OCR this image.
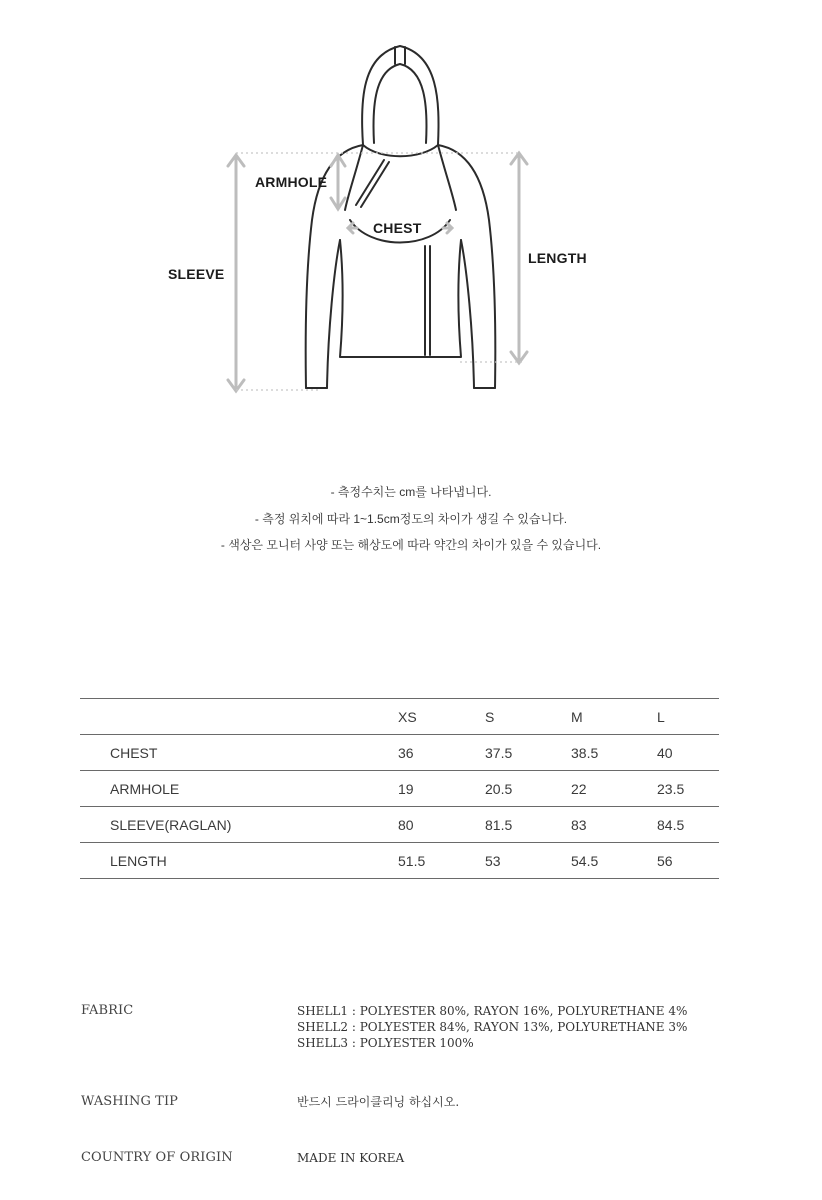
ARMHOLE
CHEST
SLEEVE
LENGTH
- 측정수치는 cm를 나타냅니다.
- 측정 위치에 따라 1~1.5cm정도의 차이가 생길 수 있습니다.
- 색상은 모니터 사양 또는 해상도에 따라 약간의 차이가 있을 수 있습니다.
	XS	S	M	L
CHEST	36	37.5	38.5	40
ARMHOLE	19	20.5	22	23.5
SLEEVE(RAGLAN)	80	81.5	83	84.5
LENGTH	51.5	53	54.5	56
FABRIC	SHELL1 : POLYESTER 80%, RAYON 16%, POLYURETHANE 4%
SHELL2 : POLYESTER 84%, RAYON 13%, POLYURETHANE 3%
SHELL3 : POLYESTER 100%
WASHING TIP	반드시 드라이클리닝 하십시오.
COUNTRY OF ORIGIN	MADE IN KOREA
